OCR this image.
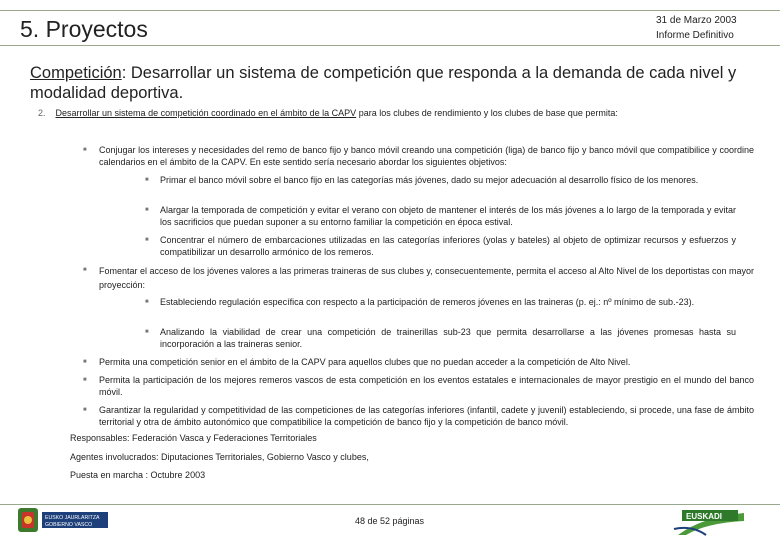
5. Proyectos	31 de Marzo 2003
Informe Definitivo
Competición: Desarrollar un sistema de competición que responda a la demanda de cada nivel y modalidad deportiva.
2. Desarrollar un sistema de competición coordinado en el ámbito de la CAPV para los clubes de rendimiento y los clubes de base que permita:
■ Conjugar los intereses y necesidades del remo de banco fijo y banco móvil creando una competición (liga) de banco fijo y banco móvil que compatibilice y coordine calendarios en el ámbito de la CAPV. En este sentido sería necesario abordar los siguientes objetivos:
■ Primar el banco móvil sobre el banco fijo en las categorías más jóvenes, dado su mejor adecuación al desarrollo físico de los menores.
■ Alargar la temporada de competición y evitar el verano con objeto de mantener el interés de los más jóvenes a lo largo de la temporada y evitar los sacrificios que puedan suponer a su entorno familiar la competición en época estival.
■ Concentrar el número de embarcaciones utilizadas en las categorías inferiores (yolas y bateles) al objeto de optimizar recursos y esfuerzos y compatibilizar un desarrollo armónico de los remeros.
■ Fomentar el acceso de los jóvenes valores a las primeras traineras de sus clubes y, consecuentemente, permita el acceso al Alto Nivel de los deportistas con mayor proyección:
■ Estableciendo regulación específica con respecto a la participación de remeros jóvenes en las traineras (p. ej.: nº mínimo de sub.-23).
■ Analizando la viabilidad de crear una competición de trainerillas sub-23 que permita desarrollarse a las jóvenes promesas hasta su incorporación a las traineras senior.
■ Permita una competición senior en el ámbito de la CAPV para aquellos clubes que no puedan acceder a la competición de Alto Nivel.
■ Permita la participación de los mejores remeros vascos de esta competición en los eventos estatales e internacionales de mayor prestigio en el mundo del banco móvil.
■ Garantizar la regularidad y competitividad de las competiciones de las categorías inferiores (infantil, cadete y juvenil) estableciendo, si procede, una fase de ámbito territorial y otra de ámbito autonómico que compatibilice la competición de banco fijo y la competición de banco móvil.
Responsables: Federación Vasca y Federaciones Territoriales
Agentes involucrados: Diputaciones Territoriales, Gobierno Vasco y clubes,
Puesta en marcha : Octubre 2003
EUSKO JAURLARITZA
GOBIERNO VASCO	48 de 52 páginas	EUSKADI
